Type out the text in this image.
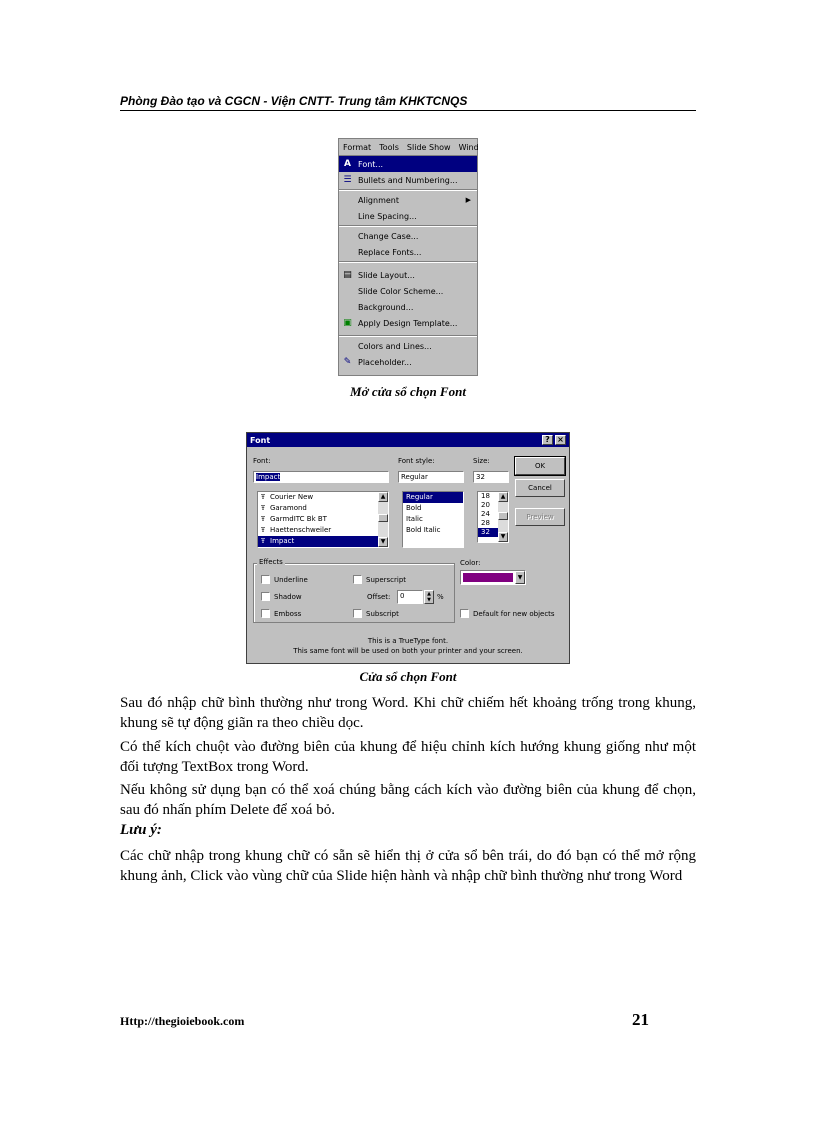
Phòng Đào tạo và CGCN - Viện CNTT- Trung tâm KHKTCNQS
Format Tools Slide Show Wind
A Font...
☰ Bullets and Numbering...
Alignment	▶
Line Spacing...
Change Case...
Replace Fonts...
▤ Slide Layout...
Slide Color Scheme...
Background...
▣ Apply Design Template...
Colors and Lines...
✎ Placeholder...
Mở cửa sổ chọn Font
Font	? ×
Font:
Impact
Ŧ Courier New
Ŧ Garamond
Ŧ GarmdITC Bk BT
Ŧ Haettenschweiler
Ŧ Impact
▲
▼
Font style:
Regular
Regular
Bold
Italic
Bold Italic
Size:
32
18
20
24
28
32
▲
▼
OK
Cancel
Preview
Effects
Underline
Shadow
Emboss
Superscript
Offset:	0	▲
▼ %
Subscript
Color:
▼
Default for new objects
This is a TrueType font.
This same font will be used on both your printer and your screen.
Cửa sổ chọn Font
Sau đó nhập chữ bình thường như trong Word. Khi chữ chiếm hết khoảng trống trong khung, khung sẽ tự động giãn ra theo chiều dọc.
Có thể kích chuột vào đường biên của khung để hiệu chỉnh kích hướng khung giống như một đối tượng TextBox trong Word.
Nếu không sử dụng bạn có thể xoá chúng bằng cách kích vào đường biên của khung để chọn, sau đó nhấn phím Delete để xoá bỏ.
Lưu ý:
Các chữ nhập trong khung chữ có sẵn sẽ hiển thị ở cửa sổ bên trái, do đó bạn có thể mở rộng khung ảnh, Click vào vùng chữ của Slide hiện hành và nhập chữ bình thường như trong Word
Http://thegioiebook.com	21
